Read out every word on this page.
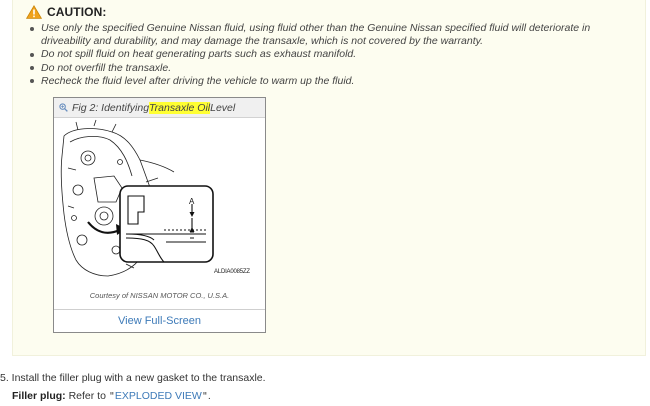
CAUTION:
Use only the specified Genuine Nissan fluid, using fluid other than the Genuine Nissan specified fluid will deteriorate in driveability and durability, and may damage the transaxle, which is not covered by the warranty.
Do not spill fluid on heat generating parts such as exhaust manifold.
Do not overfill the transaxle.
Recheck the fluid level after driving the vehicle to warm up the fluid.
Fig 2: Identifying Transaxle Oil Level
A
ALDIA0085ZZ
Courtesy of NISSAN MOTOR CO., U.S.A.
View Full-Screen
5. Install the filler plug with a new gasket to the transaxle.
Filler plug: Refer to "EXPLODED VIEW".
